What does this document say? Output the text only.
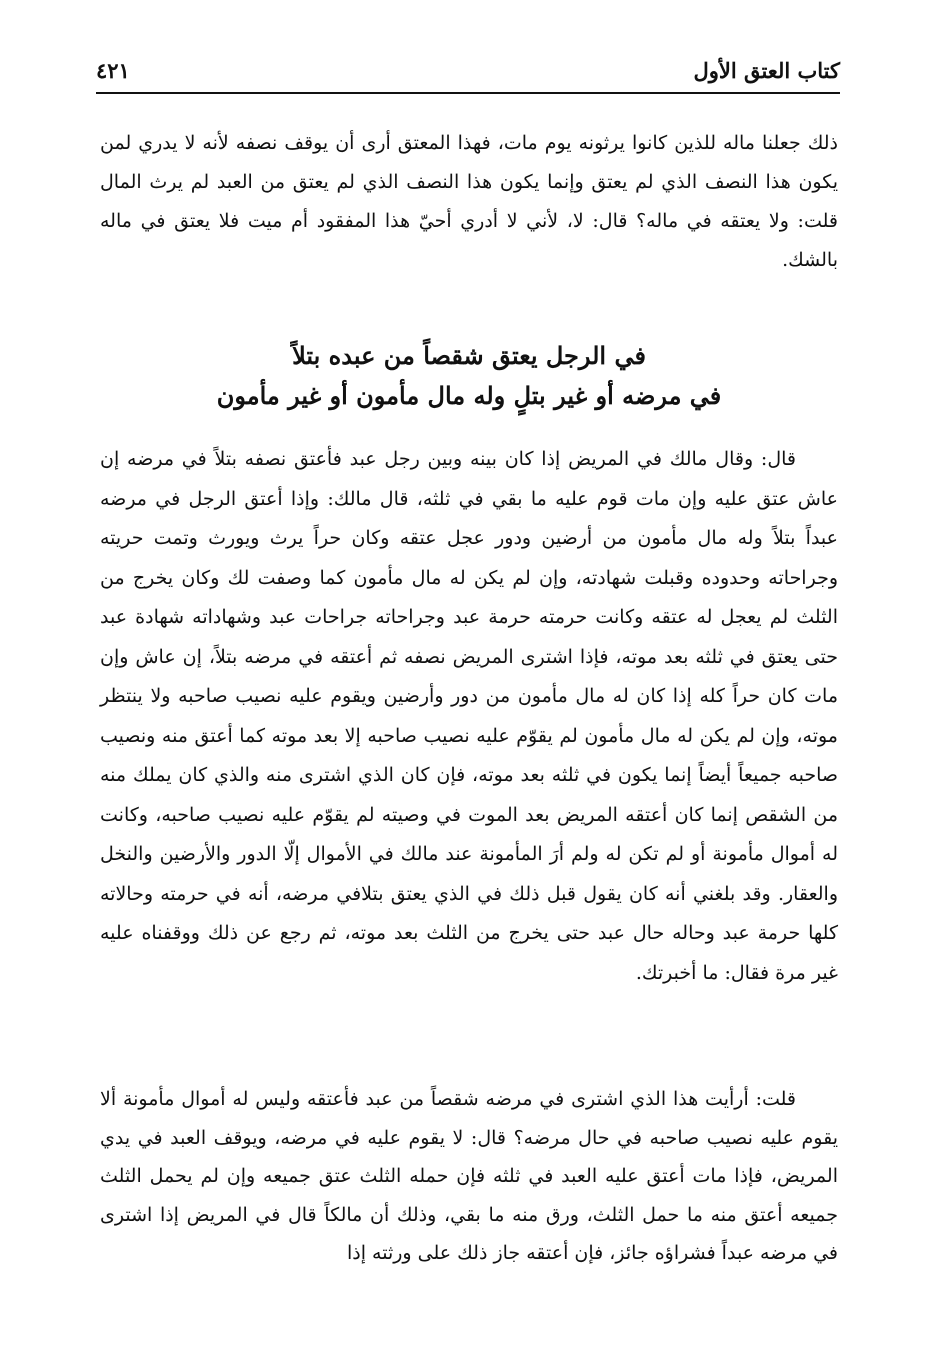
كتاب العتق الأول
٤٢١

ذلك جعلنا ماله للذين كانوا يرثونه يوم مات، فهذا المعتق أرى أن يوقف نصفه لأنه لا يدري لمن يكون هذا النصف الذي لم يعتق وإنما يكون هذا النصف الذي لم يعتق من العبد لم يرث المال قلت: ولا يعتقه في ماله؟ قال: لا، لأني لا أدري أحيّ هذا المفقود أم ميت فلا يعتق في ماله بالشك.

في الرجل يعتق شقصاً من عبده بتلاً
في مرضه أو غير بتلٍ وله مال مأمون أو غير مأمون

قال: وقال مالك في المريض إذا كان بينه وبين رجل عبد فأعتق نصفه بتلاً في مرضه إن عاش عتق عليه وإن مات قوم عليه ما بقي في ثلثه، قال مالك: وإذا أعتق الرجل في مرضه عبداً بتلاً وله مال مأمون من أرضين ودور عجل عتقه وكان حراً يرث ويورث وتمت حريته وجراحاته وحدوده وقبلت شهادته، وإن لم يكن له مال مأمون كما وصفت لك وكان يخرج من الثلث لم يعجل له عتقه وكانت حرمته حرمة عبد وجراحاته جراحات عبد وشهاداته شهادة عبد حتى يعتق في ثلثه بعد موته، فإذا اشترى المريض نصفه ثم أعتقه في مرضه بتلاً، إن عاش وإن مات كان حراً كله إذا كان له مال مأمون من دور وأرضين ويقوم عليه نصيب صاحبه ولا ينتظر موته، وإن لم يكن له مال مأمون لم يقوّم عليه نصيب صاحبه إلا بعد موته كما أعتق منه ونصيب صاحبه جميعاً أيضاً إنما يكون في ثلثه بعد موته، فإن كان الذي اشترى منه والذي كان يملك منه من الشقص إنما كان أعتقه المريض بعد الموت في وصيته لم يقوّم عليه نصيب صاحبه، وكانت له أموال مأمونة أو لم تكن له ولم أرَ المأمونة عند مالك في الأموال إلّا الدور والأرضين والنخل والعقار. وقد بلغني أنه كان يقول قبل ذلك في الذي يعتق بتلافي مرضه، أنه في حرمته وحالاته كلها حرمة عبد وحاله حال عبد حتى يخرج من الثلث بعد موته، ثم رجع عن ذلك ووقفناه عليه غير مرة فقال: ما أخبرتك.

قلت: أرأيت هذا الذي اشترى في مرضه شقصاً من عبد فأعتقه وليس له أموال مأمونة ألا يقوم عليه نصيب صاحبه في حال مرضه؟ قال: لا يقوم عليه في مرضه، ويوقف العبد في يدي المريض، فإذا مات أعتق عليه العبد في ثلثه فإن حمله الثلث عتق جميعه وإن لم يحمل الثلث جميعه أعتق منه ما حمل الثلث، ورق منه ما بقي، وذلك أن مالكاً قال في المريض إذا اشترى في مرضه عبداً فشراؤه جائز، فإن أعتقه جاز ذلك على ورثته إذا
